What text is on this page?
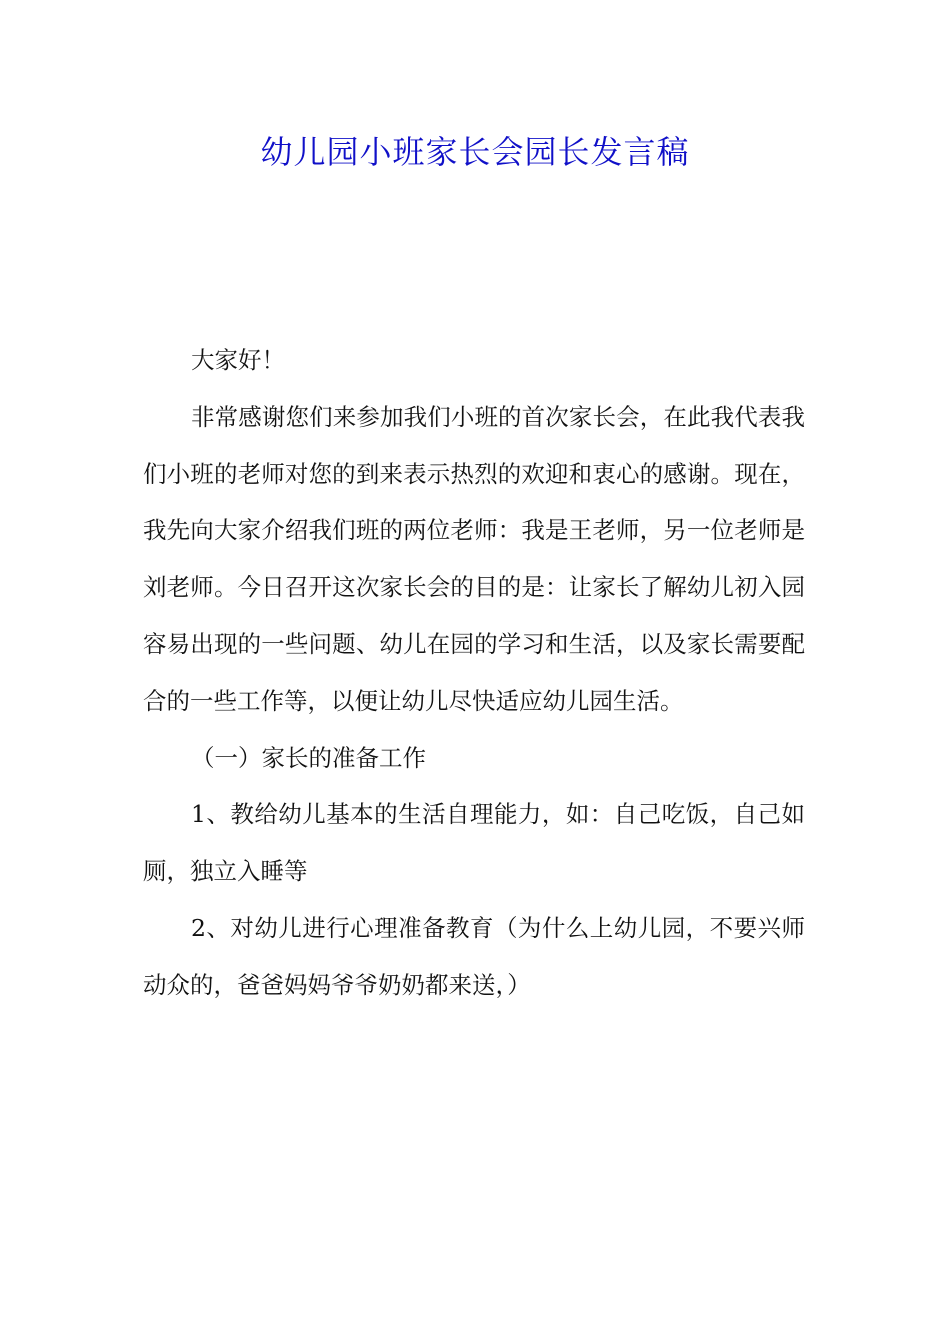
幼儿园小班家长会园长发言稿

大家好！

非常感谢您们来参加我们小班的首次家长会，在此我代表我们小班的老师对您的到来表示热烈的欢迎和衷心的感谢。现在，我先向大家介绍我们班的两位老师：我是王老师，另一位老师是刘老师。今日召开这次家长会的目的是：让家长了解幼儿初入园容易出现的一些问题、幼儿在园的学习和生活，以及家长需要配合的一些工作等，以便让幼儿尽快适应幼儿园生活。

（一）家长的准备工作

1、教给幼儿基本的生活自理能力，如：自己吃饭，自己如厕，独立入睡等

2、对幼儿进行心理准备教育（为什么上幼儿园，不要兴师动众的，爸爸妈妈爷爷奶奶都来送，）
